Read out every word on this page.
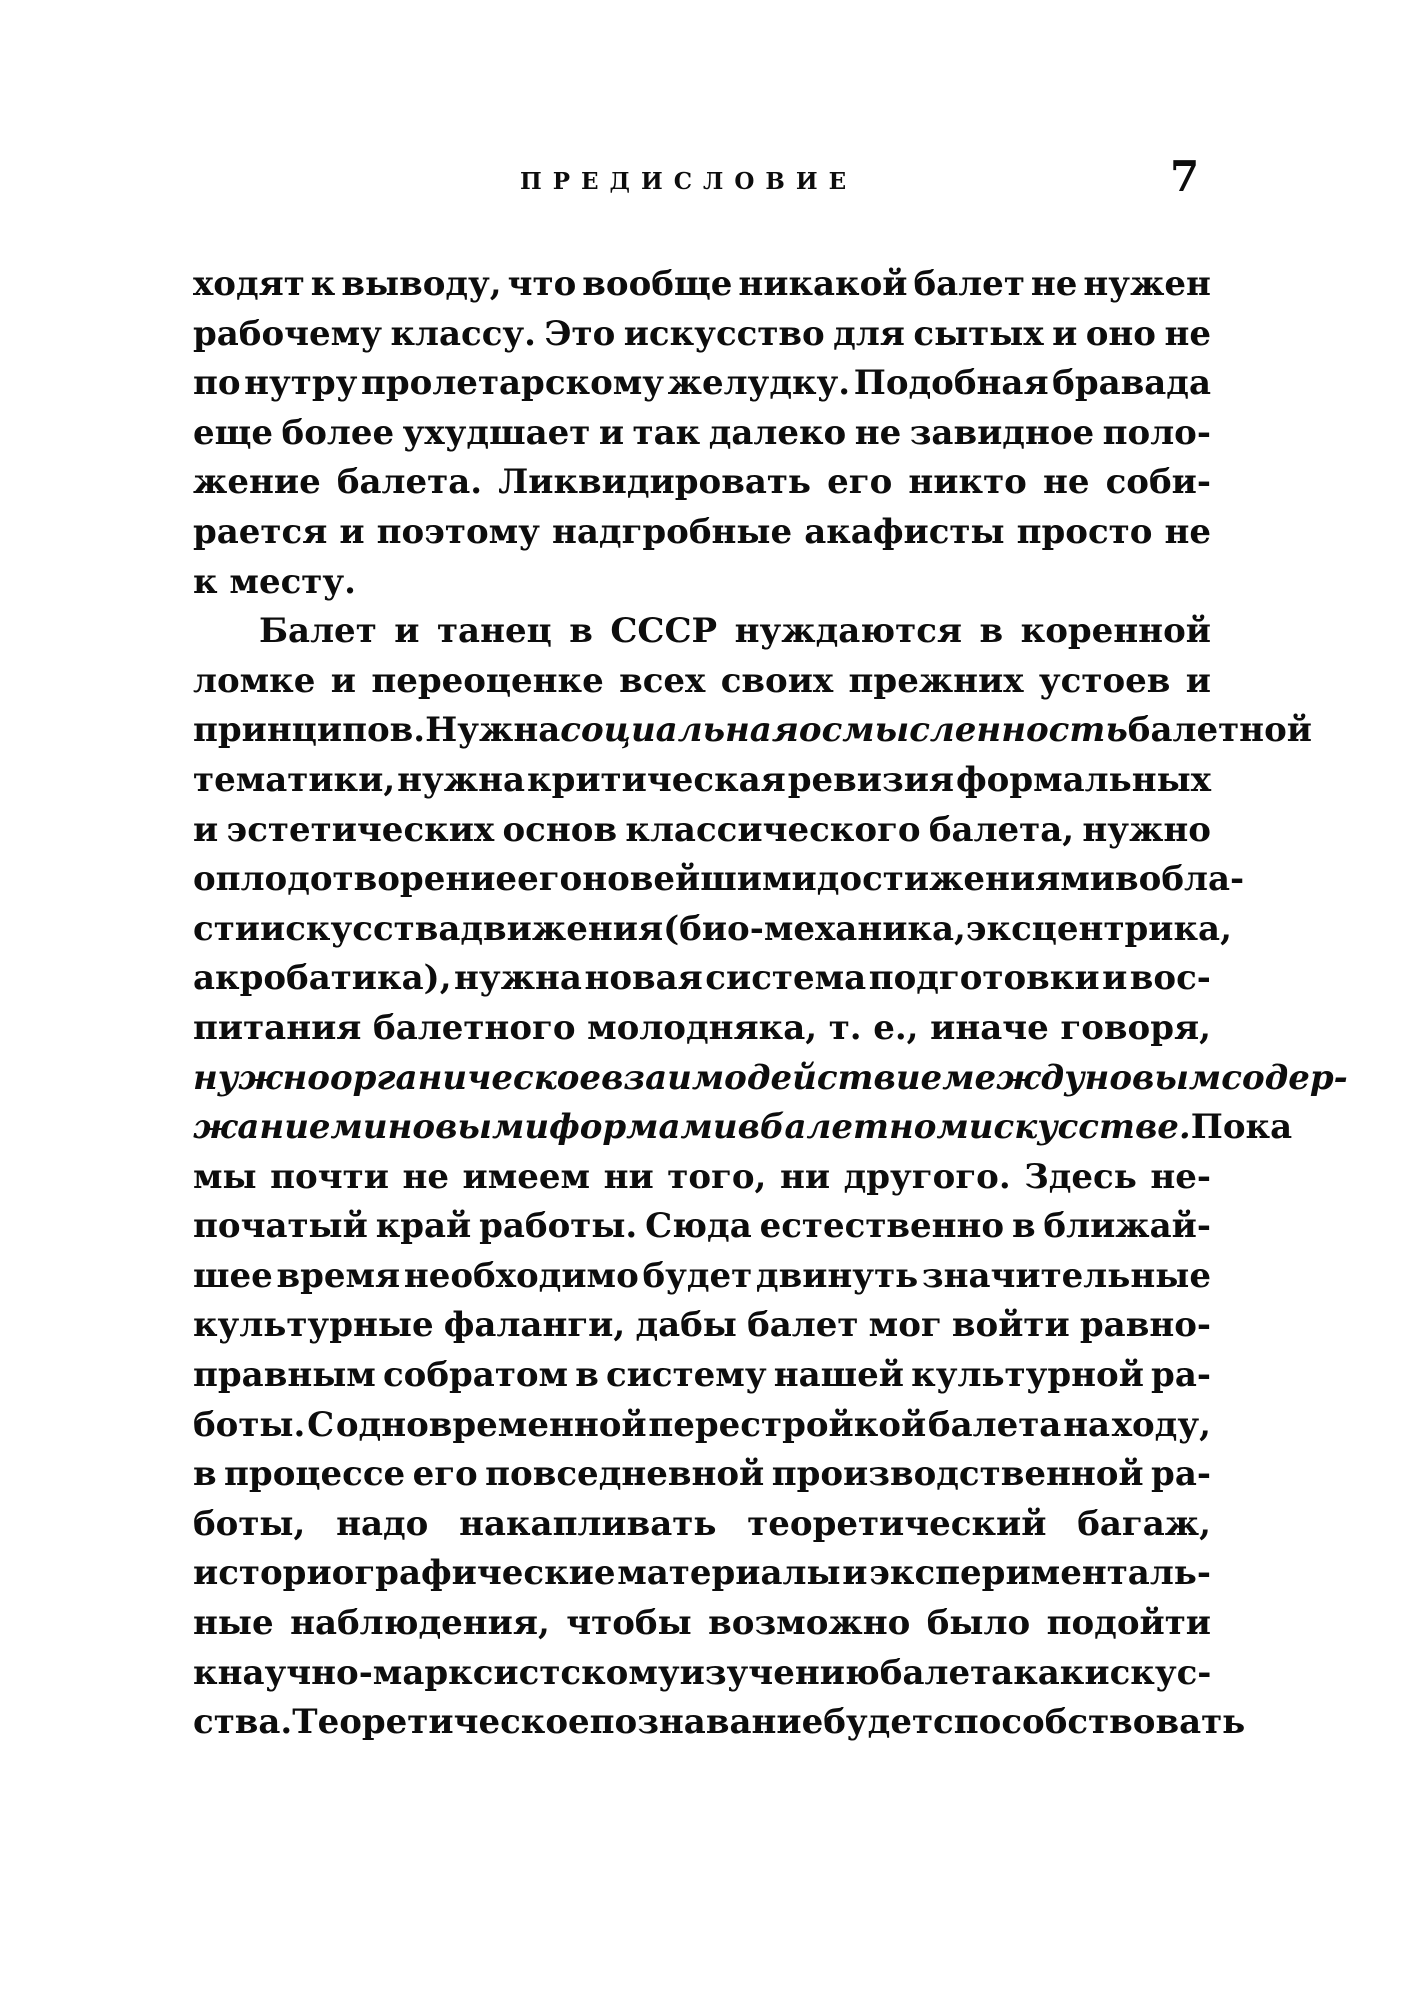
ПРЕДИСЛОВИЕ	7
ходят к выводу, что вообще никакой балет не нужен
рабочему классу. Это искусство для сытых и оно не
по нутру пролетарскому желудку. Подобная бравада
еще более ухудшает и так далеко не завидное поло-
жение балета. Ликвидировать его никто не соби-
рается и поэтому надгробные акафисты просто не
к
месту.
Балет и танец в СССР нуждаются в коренной
ломке и переоценке всех своих прежних устоев и
принципов. Нужна социальная осмысленность балетной
тематики, нужна критическая ревизия формальных
и эстетических основ классического балета, нужно
оплодотворение его новейшими достижениями в обла-
сти искусства движения (био-механика, эксцентрика,
акробатика), нужна новая система подготовки и вос-
питания балетного молодняка, т. е., иначе говоря,
нужно органическое взаимодействие между новым содер-
жанием и новыми формами в балетном искусстве. Пока
мы почти не имеем ни того, ни другого. Здесь не-
початый край работы. Сюда естественно в ближай-
шее время необходимо будет двинуть значительные
культурные фаланги, дабы балет мог войти равно-
правным собратом в систему нашей культурной ра-
боты. С одновременной перестройкой балета на ходу,
в процессе его повседневной производственной ра-
боты, надо накапливать теоретический багаж,
историографические материалы и эксперименталь-
ные наблюдения, чтобы возможно было подойти
к научно-марксистскому изучению балета как искус-
ства. Теоретическое познавание будет способствовать
